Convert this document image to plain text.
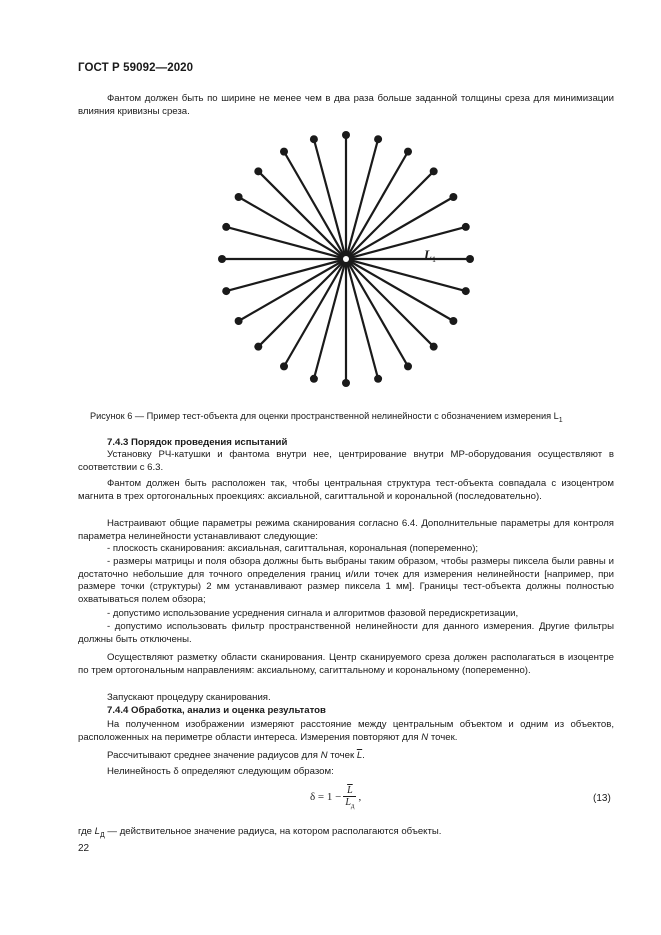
ГОСТ Р 59092—2020

Фантом должен быть по ширине не менее чем в два раза больше заданной толщины среза для минимизации влияния кривизны среза.

L 1
Рисунок 6 — Пример тест-объекта для оценки пространственной нелинейности с обозначением измерения $L_1$

7.4.3 Порядок проведения испытаний

Установку РЧ-катушки и фантома внутри нее, центрирование внутри МР-оборудования осуществляют в соответствии с 6.3.

Фантом должен быть расположен так, чтобы центральная структура тест-объекта совпадала с изоцентром магнита в трех ортогональных проекциях: аксиальной, сагиттальной и корональной (последовательно).

Настраивают общие параметры режима сканирования согласно 6.4. Дополнительные параметры для контроля параметра нелинейности устанавливают следующие:

- плоскость сканирования: аксиальная, сагиттальная, корональная (попеременно);

- размеры матрицы и поля обзора должны быть выбраны таким образом, чтобы размеры пиксела были равны и достаточно небольшие для точного определения границ и/или точек для измерения нелинейности [например, при размере точки (структуры) 2 мм устанавливают размер пиксела 1 мм]. Границы тест-объекта должны полностью охватываться полем обзора;

- допустимо использование усреднения сигнала и алгоритмов фазовой передискретизации,

- допустимо использовать фильтр пространственной нелинейности для данного измерения. Другие фильтры должны быть отключены.

Осуществляют разметку области сканирования. Центр сканируемого среза должен располагаться в изоцентре по трем ортогональным направлениям: аксиальному, сагиттальному и корональному (попеременно).

Запускают процедуру сканирования.

7.4.4 Обработка, анализ и оценка результатов

На полученном изображении измеряют расстояние между центральным объектом и одним из объектов, расположенных на периметре области интереса. Измерения повторяют для N точек.

Рассчитывают среднее значение радиусов для N точек $\overline{L}$.

Нелинейность δ определяют следующим образом:

$\delta = 1 - \frac{\overline{L}}{L_д}$ ,	(13)

где $L_Д$ — действительное значение радиуса, на котором располагаются объекты.

22
